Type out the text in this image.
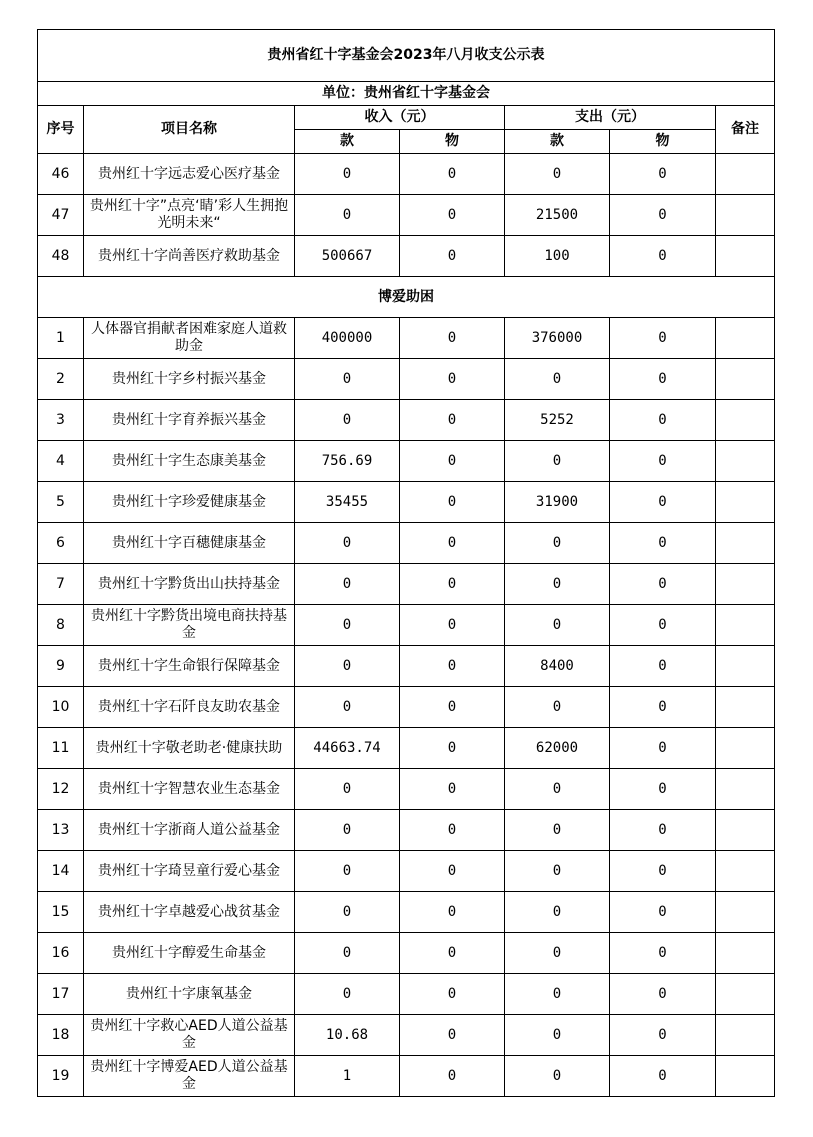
贵州省红十字基金会2023年八月收支公示表						
单位：贵州省红十字基金会						
序号	项目名称	收入（元）		支出（元）		备注
		款	物	款	物	
46	贵州红十字远志爱心医疗基金	0	0	0	0	
47	贵州红十字”点亮‘睛’彩人生拥抱光明未来“	0	0	21500	0	
48	贵州红十字尚善医疗救助基金	500667	0	100	0	
博爱助困						
1	人体器官捐献者困难家庭人道救助金	400000	0	376000	0	
2	贵州红十字乡村振兴基金	0	0	0	0	
3	贵州红十字育养振兴基金	0	0	5252	0	
4	贵州红十字生态康美基金	756.69	0	0	0	
5	贵州红十字珍爱健康基金	35455	0	31900	0	
6	贵州红十字百穗健康基金	0	0	0	0	
7	贵州红十字黔货出山扶持基金	0	0	0	0	
8	贵州红十字黔货出境电商扶持基金	0	0	0	0	
9	贵州红十字生命银行保障基金	0	0	8400	0	
10	贵州红十字石阡良友助农基金	0	0	0	0	
11	贵州红十字敬老助老·健康扶助	44663.74	0	62000	0	
12	贵州红十字智慧农业生态基金	0	0	0	0	
13	贵州红十字浙商人道公益基金	0	0	0	0	
14	贵州红十字琦昱童行爱心基金	0	0	0	0	
15	贵州红十字卓越爱心战贫基金	0	0	0	0	
16	贵州红十字醇爱生命基金	0	0	0	0	
17	贵州红十字康氧基金	0	0	0	0	
18	贵州红十字救心AED人道公益基金	10.68	0	0	0	
19	贵州红十字博爱AED人道公益基金	1	0	0	0	
